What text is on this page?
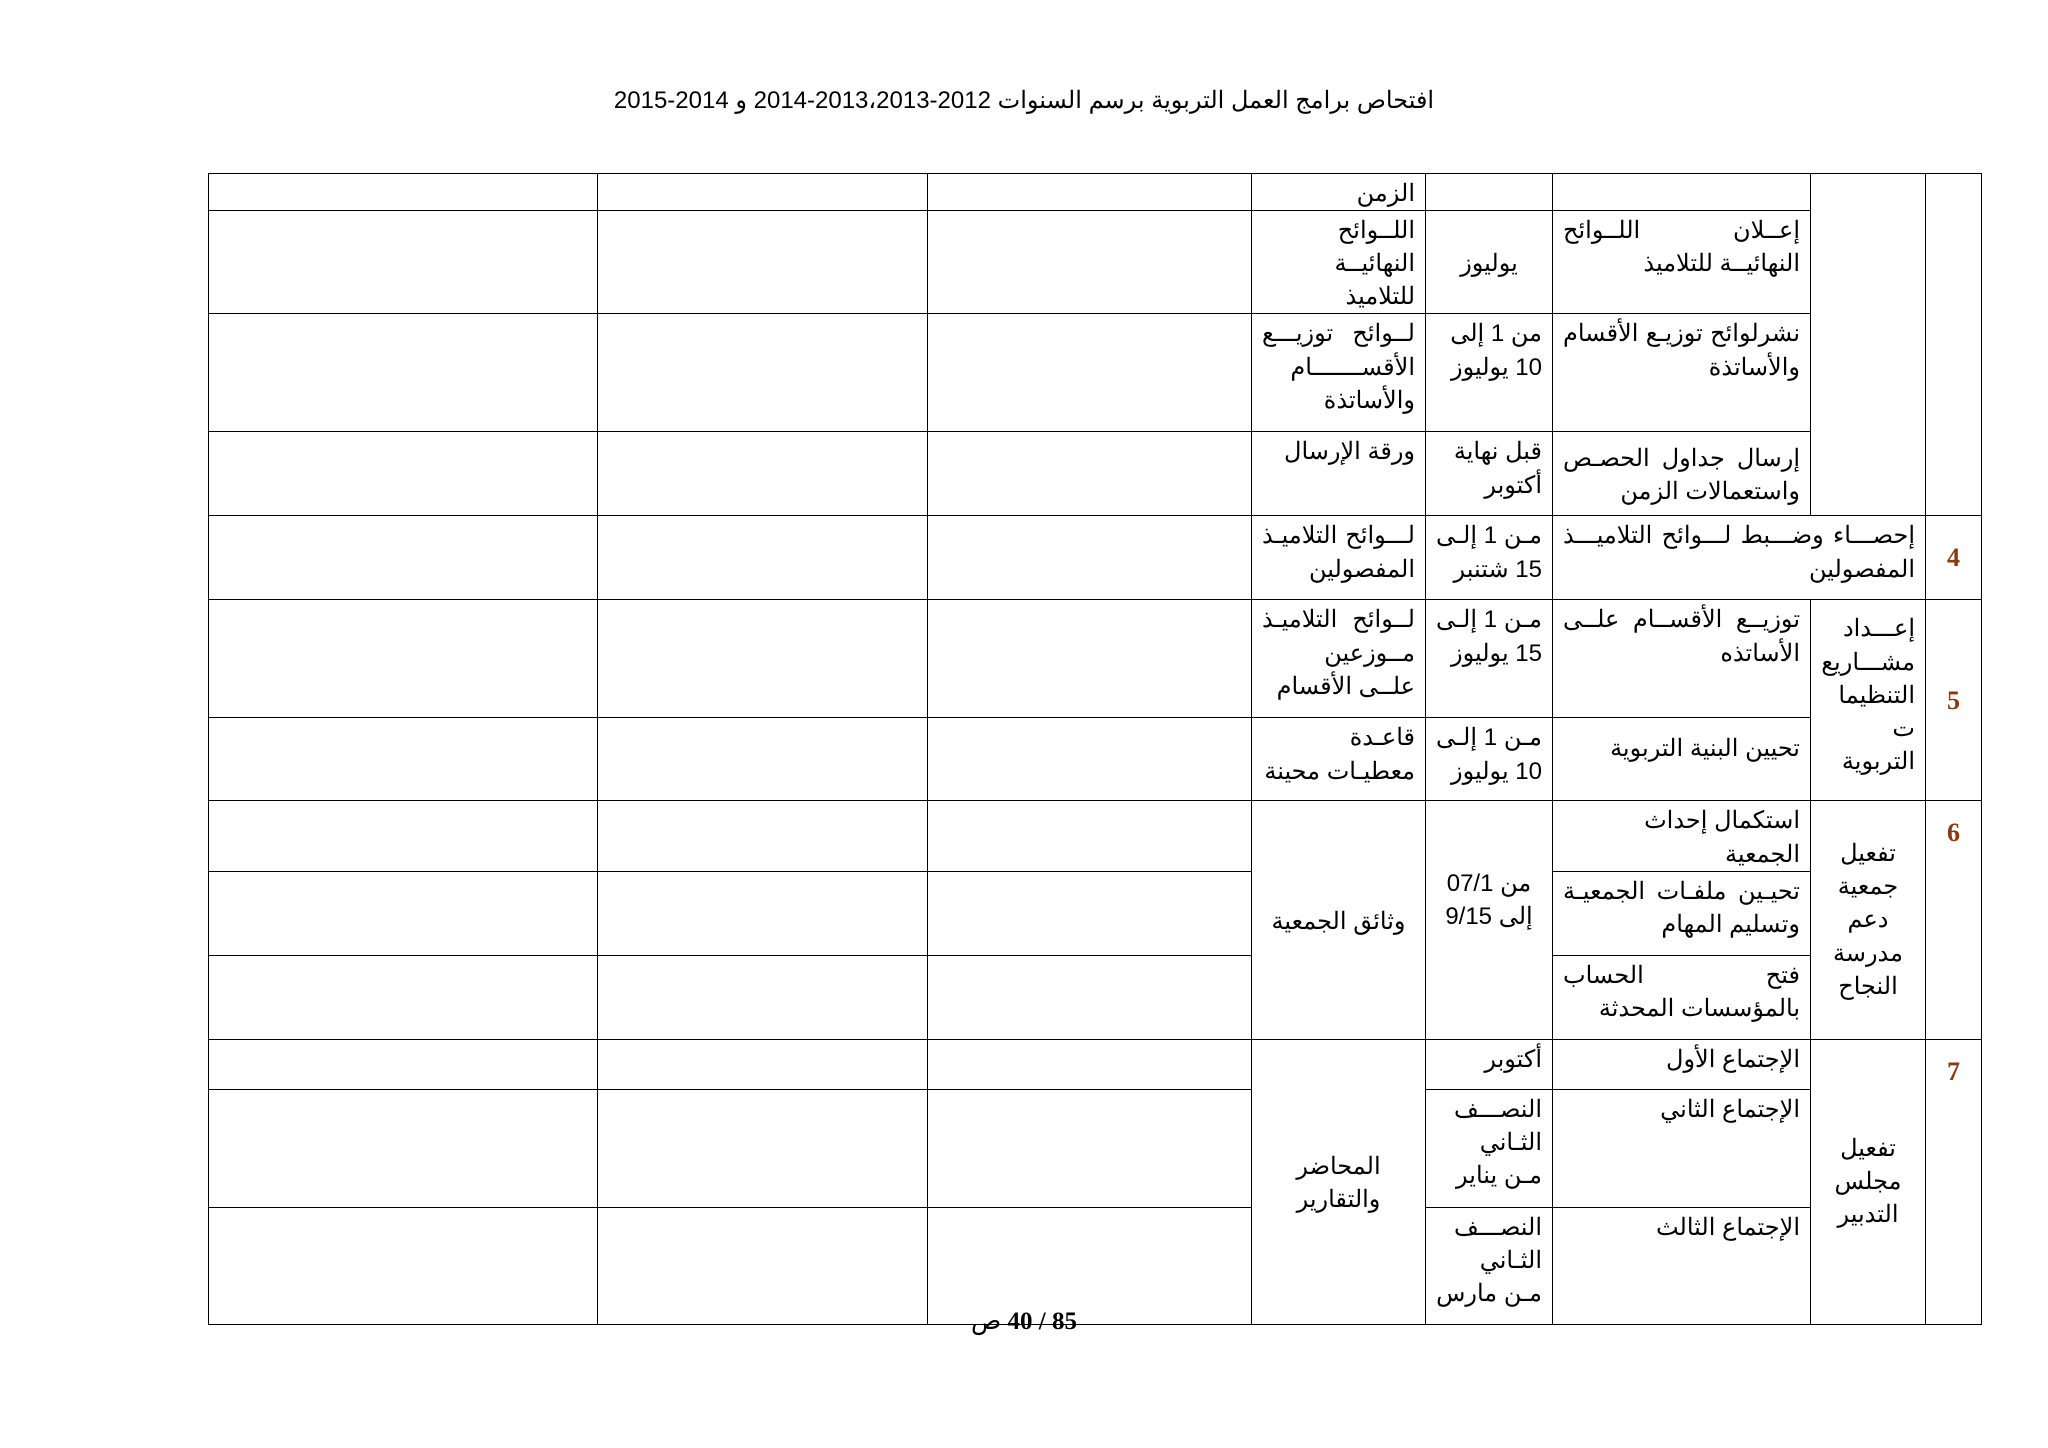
افتحاص برامج العمل التربوية برسم السنوات 2012-2013،2013-2014 و 2014-2015
				الزمن			
		إعــلان اللــوائح النهائيــة للتلاميذ	يوليوز	اللــوائح النهائيــة للتلاميذ			
		نشرلوائح توزيـع الأقسام والأساتذة	من 1 إلى 10 يوليوز	لــوائح توزيـــع الأقســـــــام والأساتذة			
		إرسال جداول الحصـص واستعمالات الزمن	قبل نهاية أكتوبر	ورقة الإرسال			
4	إحصـــاء وضـــبط لـــوائح التلاميـــذ المفصولين		مـن 1 إلـى 15 شتنبر	لـــوائح التلاميـذ المفصولين			
5	إعـــداد مشـــاريع التنظيمات التربوية	توزيــع الأقســام علــى الأساتذه	مـن 1 إلـى 15 يوليوز	لــوائح التلاميـذ مــوزعين علــى الأقسام			
		تحيين البنية التربوية	مـن 1 إلـى 10 يوليوز	قاعـدة معطيـات محينة			
6	تفعيل جمعية دعم مدرسة النجاح	استكمال إحداث الجمعية	من 07/1 إلى 9/15	وثائق الجمعية			
		تحيـين ملفـات الجمعيـة وتسليم المهام					
		فتح الحساب بالمؤسسات المحدثة					
7	تفعيل مجلس التدبير	الإجتماع الأول	أكتوبر	المحاضر والتقارير			
		الإجتماع الثاني	النصـــف الثـاني مـن يناير				
		الإجتماع الثالث	النصـــف الثـاني مـن مارس				
85 / 40 ص
